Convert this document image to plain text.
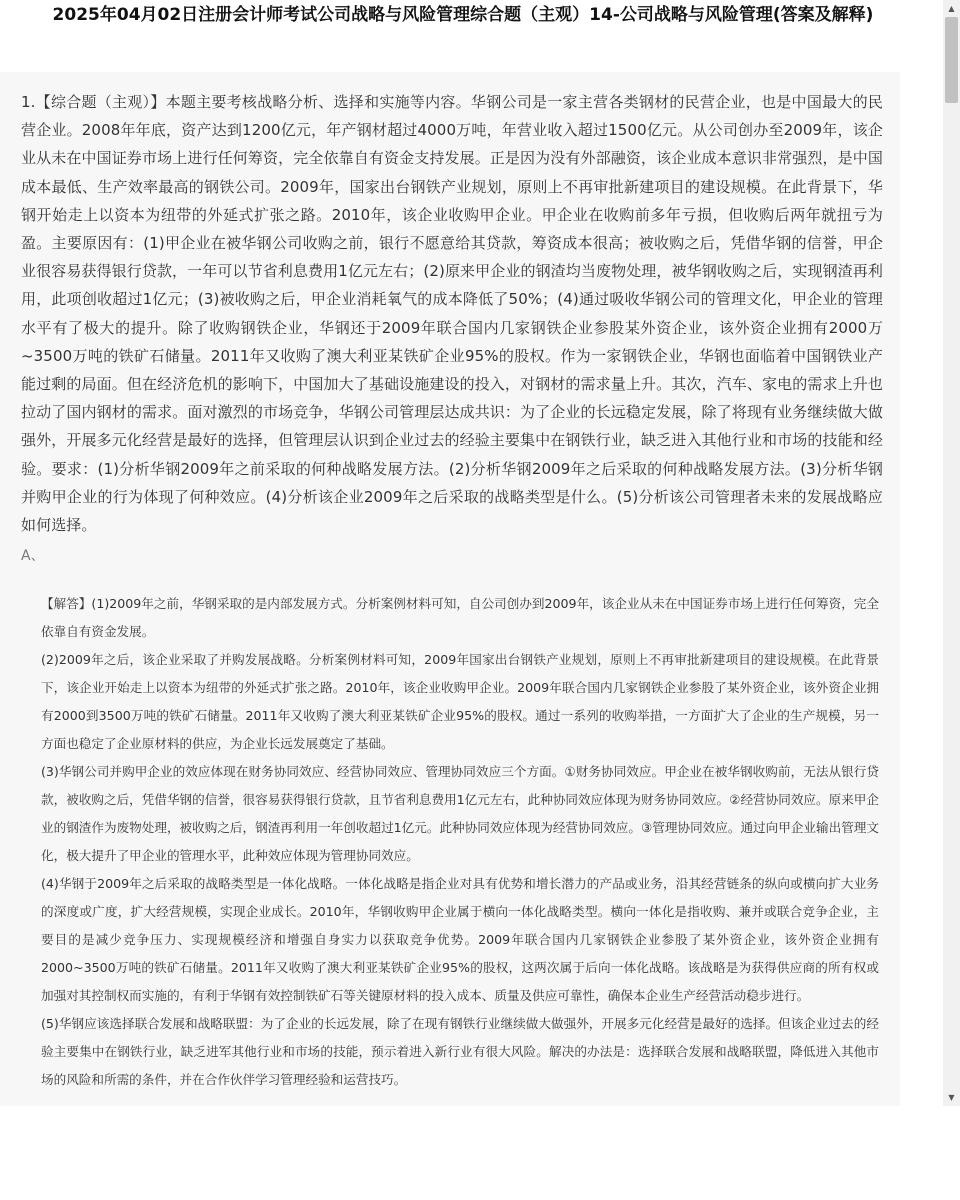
2025年04月02日注册会计师考试公司战略与风险管理综合题（主观）14-公司战略与风险管理(答案及解释)
1.【综合题（主观）】本题主要考核战略分析、选择和实施等内容。华钢公司是一家主营各类钢材的民营企业，也是中国最大的民营企业。2008年年底，资产达到1200亿元，年产钢材超过4000万吨，年营业收入超过1500亿元。从公司创办至2009年，该企业从未在中国证券市场上进行任何筹资，完全依靠自有资金支持发展。正是因为没有外部融资，该企业成本意识非常强烈，是中国成本最低、生产效率最高的钢铁公司。2009年，国家出台钢铁产业规划，原则上不再审批新建项目的建设规模。在此背景下，华钢开始走上以资本为纽带的外延式扩张之路。2010年，该企业收购甲企业。甲企业在收购前多年亏损，但收购后两年就扭亏为盈。主要原因有：(1)甲企业在被华钢公司收购之前，银行不愿意给其贷款，筹资成本很高；被收购之后，凭借华钢的信誉，甲企业很容易获得银行贷款，一年可以节省利息费用1亿元左右；(2)原来甲企业的钢渣均当废物处理，被华钢收购之后，实现钢渣再利用，此项创收超过1亿元；(3)被收购之后，甲企业消耗氧气的成本降低了50%；(4)通过吸收华钢公司的管理文化，甲企业的管理水平有了极大的提升。除了收购钢铁企业，华钢还于2009年联合国内几家钢铁企业参股某外资企业，该外资企业拥有2000万~3500万吨的铁矿石储量。2011年又收购了澳大利亚某铁矿企业95%的股权。作为一家钢铁企业，华钢也面临着中国钢铁业产能过剩的局面。但在经济危机的影响下，中国加大了基础设施建设的投入，对钢材的需求量上升。其次，汽车、家电的需求上升也拉动了国内钢材的需求。面对激烈的市场竞争，华钢公司管理层达成共识：为了企业的长远稳定发展，除了将现有业务继续做大做强外，开展多元化经营是最好的选择，但管理层认识到企业过去的经验主要集中在钢铁行业，缺乏进入其他行业和市场的技能和经验。要求：(1)分析华钢2009年之前采取的何种战略发展方法。(2)分析华钢2009年之后采取的何种战略发展方法。(3)分析华钢并购甲企业的行为体现了何种效应。(4)分析该企业2009年之后采取的战略类型是什么。(5)分析该公司管理者未来的发展战略应如何选择。
A、

【解答】(1)2009年之前，华钢采取的是内部发展方式。分析案例材料可知，自公司创办到2009年，该企业从未在中国证券市场上进行任何筹资，完全依靠自有资金发展。

(2)2009年之后，该企业采取了并购发展战略。分析案例材料可知，2009年国家出台钢铁产业规划，原则上不再审批新建项目的建设规模。在此背景下，该企业开始走上以资本为纽带的外延式扩张之路。2010年，该企业收购甲企业。2009年联合国内几家钢铁企业参股了某外资企业，该外资企业拥有2000到3500万吨的铁矿石储量。2011年又收购了澳大利亚某铁矿企业95%的股权。通过一系列的收购举措，一方面扩大了企业的生产规模，另一方面也稳定了企业原材料的供应，为企业长远发展奠定了基础。

(3)华钢公司并购甲企业的效应体现在财务协同效应、经营协同效应、管理协同效应三个方面。①财务协同效应。甲企业在被华钢收购前，无法从银行贷款，被收购之后，凭借华钢的信誉，很容易获得银行贷款，且节省利息费用1亿元左右，此种协同效应体现为财务协同效应。②经营协同效应。原来甲企业的钢渣作为废物处理，被收购之后，钢渣再利用一年创收超过1亿元。此种协同效应体现为经营协同效应。③管理协同效应。通过向甲企业输出管理文化，极大提升了甲企业的管理水平，此种效应体现为管理协同效应。

(4)华钢于2009年之后采取的战略类型是一体化战略。一体化战略是指企业对具有优势和增长潜力的产品或业务，沿其经营链条的纵向或横向扩大业务的深度或广度，扩大经营规模，实现企业成长。2010年，华钢收购甲企业属于横向一体化战略类型。横向一体化是指收购、兼并或联合竞争企业，主要目的是减少竞争压力、实现规模经济和增强自身实力以获取竞争优势。2009年联合国内几家钢铁企业参股了某外资企业，该外资企业拥有2000~3500万吨的铁矿石储量。2011年又收购了澳大利亚某铁矿企业95%的股权，这两次属于后向一体化战略。该战略是为获得供应商的所有权或加强对其控制权而实施的，有利于华钢有效控制铁矿石等关键原材料的投入成本、质量及供应可靠性，确保本企业生产经营活动稳步进行。

(5)华钢应该选择联合发展和战略联盟：为了企业的长远发展，除了在现有钢铁行业继续做大做强外，开展多元化经营是最好的选择。但该企业过去的经验主要集中在钢铁行业，缺乏进军其他行业和市场的技能，预示着进入新行业有很大风险。解决的办法是：选择联合发展和战略联盟，降低进入其他市场的风险和所需的条件，并在合作伙伴学习管理经验和运营技巧。

▲
▼
